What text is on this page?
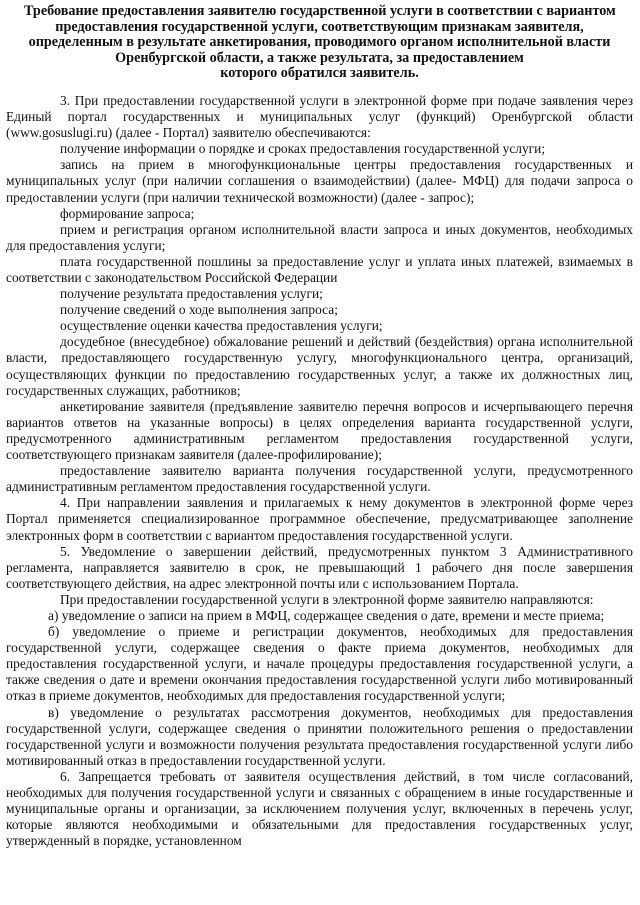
Требование предоставления заявителю государственной услуги в соответствии с вариантом
предоставления государственной услуги, соответствующим признакам заявителя,
определенным в результате анкетирования, проводимого органом исполнительной власти
Оренбургской области, а также результата, за предоставлением
которого обратился заявитель.

3. При предоставлении государственной услуги в электронной форме при подаче заявления через Единый портал государственных и муниципальных услуг (функций) Оренбургской области (www.gosuslugi.ru) (далее - Портал) заявителю обеспечиваются:

получение информации о порядке и сроках предоставления государственной услуги;

запись на прием в многофункциональные центры предоставления государственных и муниципальных услуг (при наличии соглашения о взаимодействии) (далее- МФЦ) для подачи запроса о предоставлении услуги (при наличии технической возможности) (далее - запрос);

формирование запроса;

прием и регистрация органом исполнительной власти запроса и иных документов, необходимых для предоставления услуги;

плата государственной пошлины за предоставление услуг и уплата иных платежей, взимаемых в соответствии с законодательством Российской Федерации

получение результата предоставления услуги;

получение сведений о ходе выполнения запроса;

осуществление оценки качества предоставления услуги;

досудебное (внесудебное) обжалование решений и действий (бездействия) органа исполнительной власти, предоставляющего государственную услугу, многофункционального центра, организаций, осуществляющих функции по предоставлению государственных услуг, а также их должностных лиц, государственных служащих, работников;

анкетирование заявителя (предъявление заявителю перечня вопросов и исчерпывающего перечня вариантов ответов на указанные вопросы) в целях определения варианта государственной услуги, предусмотренного административным регламентом предоставления государственной услуги, соответствующего признакам заявителя (далее-профилирование);

предоставление заявителю варианта получения государственной услуги, предусмотренного административным регламентом предоставления государственной услуги.

4. При направлении заявления и прилагаемых к нему документов в электронной форме через Портал применяется специализированное программное обеспечение, предусматривающее заполнение электронных форм в соответствии с вариантом предоставления государственной услуги.

5. Уведомление о завершении действий, предусмотренных пунктом 3 Административного регламента, направляется заявителю в срок, не превышающий 1 рабочего дня после завершения соответствующего действия, на адрес электронной почты или с использованием Портала.

При предоставлении государственной услуги в электронной форме заявителю направляются:

а) уведомление о записи на прием в МФЦ, содержащее сведения о дате, времени и месте приема;

б) уведомление о приеме и регистрации документов, необходимых для предоставления государственной услуги, содержащее сведения о факте приема документов, необходимых для предоставления государственной услуги, и начале процедуры предоставления государственной услуги, а также сведения о дате и времени окончания предоставления государственной услуги либо мотивированный отказ в приеме документов, необходимых для предоставления государственной услуги;

в) уведомление о результатах рассмотрения документов, необходимых для предоставления государственной услуги, содержащее сведения о принятии положительного решения о предоставлении государственной услуги и возможности получения результата предоставления государственной услуги либо мотивированный отказ в предоставлении государственной услуги.

6. Запрещается требовать от заявителя осуществления действий, в том числе согласований, необходимых для получения государственной услуги и связанных с обращением в иные государственные и муниципальные органы и организации, за исключением получения услуг, включенных в перечень услуг, которые являются необходимыми и обязательными для предоставления государственных услуг, утвержденный в порядке, установленном
